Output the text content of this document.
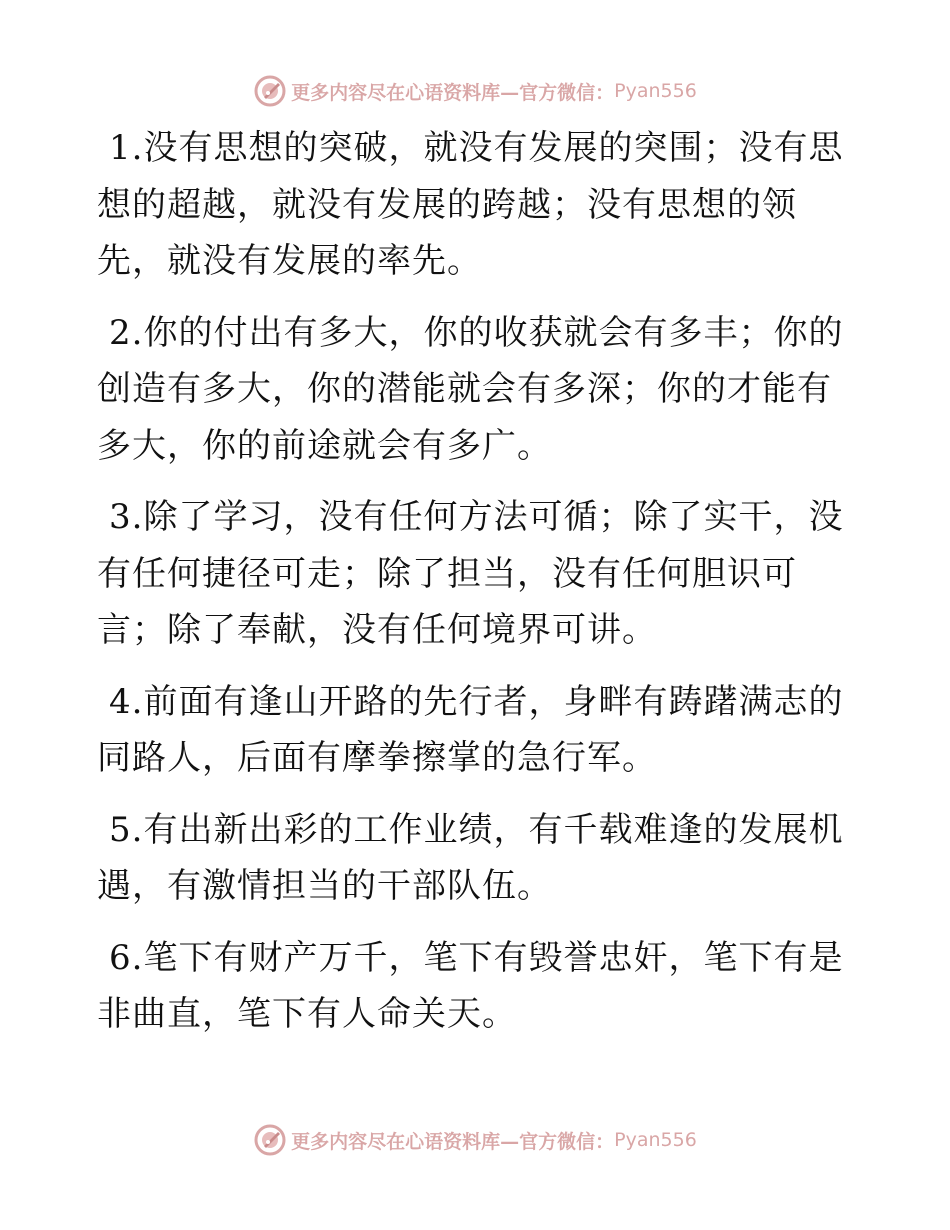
更多内容尽在心语资料库—官方微信： Pyan556

1.没有思想的突破，就没有发展的突围；没有思想的超越，就没有发展的跨越；没有思想的领先，就没有发展的率先。

2.你的付出有多大，你的收获就会有多丰；你的创造有多大，你的潜能就会有多深；你的才能有多大，你的前途就会有多广。

3.除了学习，没有任何方法可循；除了实干，没有任何捷径可走；除了担当，没有任何胆识可言；除了奉献，没有任何境界可讲。

4.前面有逢山开路的先行者，身畔有踌躇满志的同路人，后面有摩拳擦掌的急行军。

5.有出新出彩的工作业绩，有千载难逢的发展机遇，有激情担当的干部队伍。

6.笔下有财产万千，笔下有毁誉忠奸，笔下有是非曲直，笔下有人命关天。

更多内容尽在心语资料库—官方微信： Pyan556
